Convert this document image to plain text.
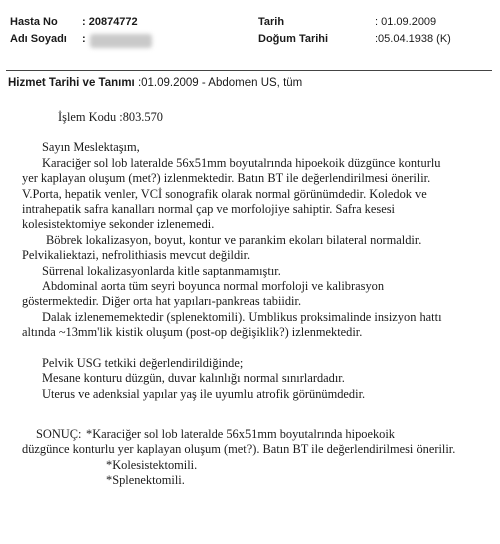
Hasta No : 20874772
Adı Soyadı :
Tarih	: 01.09.2009
Doğum Tarihi	:05.04.1938 (K)
Hizmet Tarihi ve Tanımı :01.09.2009 - Abdomen US, tüm
İşlem Kodu :803.570
Sayın Meslektaşım,
Karaciğer sol lob lateralde 56x51mm boyutalrında hipoekoik düzgünce konturlu
yer kaplayan oluşum (met?) izlenmektedir. Batın BT ile değerlendirilmesi önerilir.
V.Porta, hepatik venler, VCİ sonografik olarak normal görünümdedir. Koledok ve
intrahepatik safra kanalları normal çap ve morfolojiye sahiptir. Safra kesesi
kolesistektomiye sekonder izlenemedi.
Böbrek lokalizasyon, boyut, kontur ve parankim ekoları bilateral normaldir.
Pelvikaliektazi, nefrolithiasis mevcut değildir.
Sürrenal lokalizasyonlarda kitle saptanmamıştır.
Abdominal aorta tüm seyri boyunca normal morfoloji ve kalibrasyon
göstermektedir. Diğer orta hat yapıları-pankreas tabiidir.
Dalak izlenememektedir (splenektomili). Umblikus proksimalinde insizyon hattı
altında ~13mm'lik kistik oluşum (post-op değişiklik?) izlenmektedir.
Pelvik USG tetkiki değerlendirildiğinde;
Mesane konturu düzgün, duvar kalınlığı normal sınırlardadır.
Uterus ve adenksial yapılar yaş ile uyumlu atrofik görünümdedir.
SONUÇ: *Karaciğer sol lob lateralde 56x51mm boyutalrında hipoekoik
düzgünce konturlu yer kaplayan oluşum (met?). Batın BT ile değerlendirilmesi önerilir.
*Kolesistektomili.
*Splenektomili.
